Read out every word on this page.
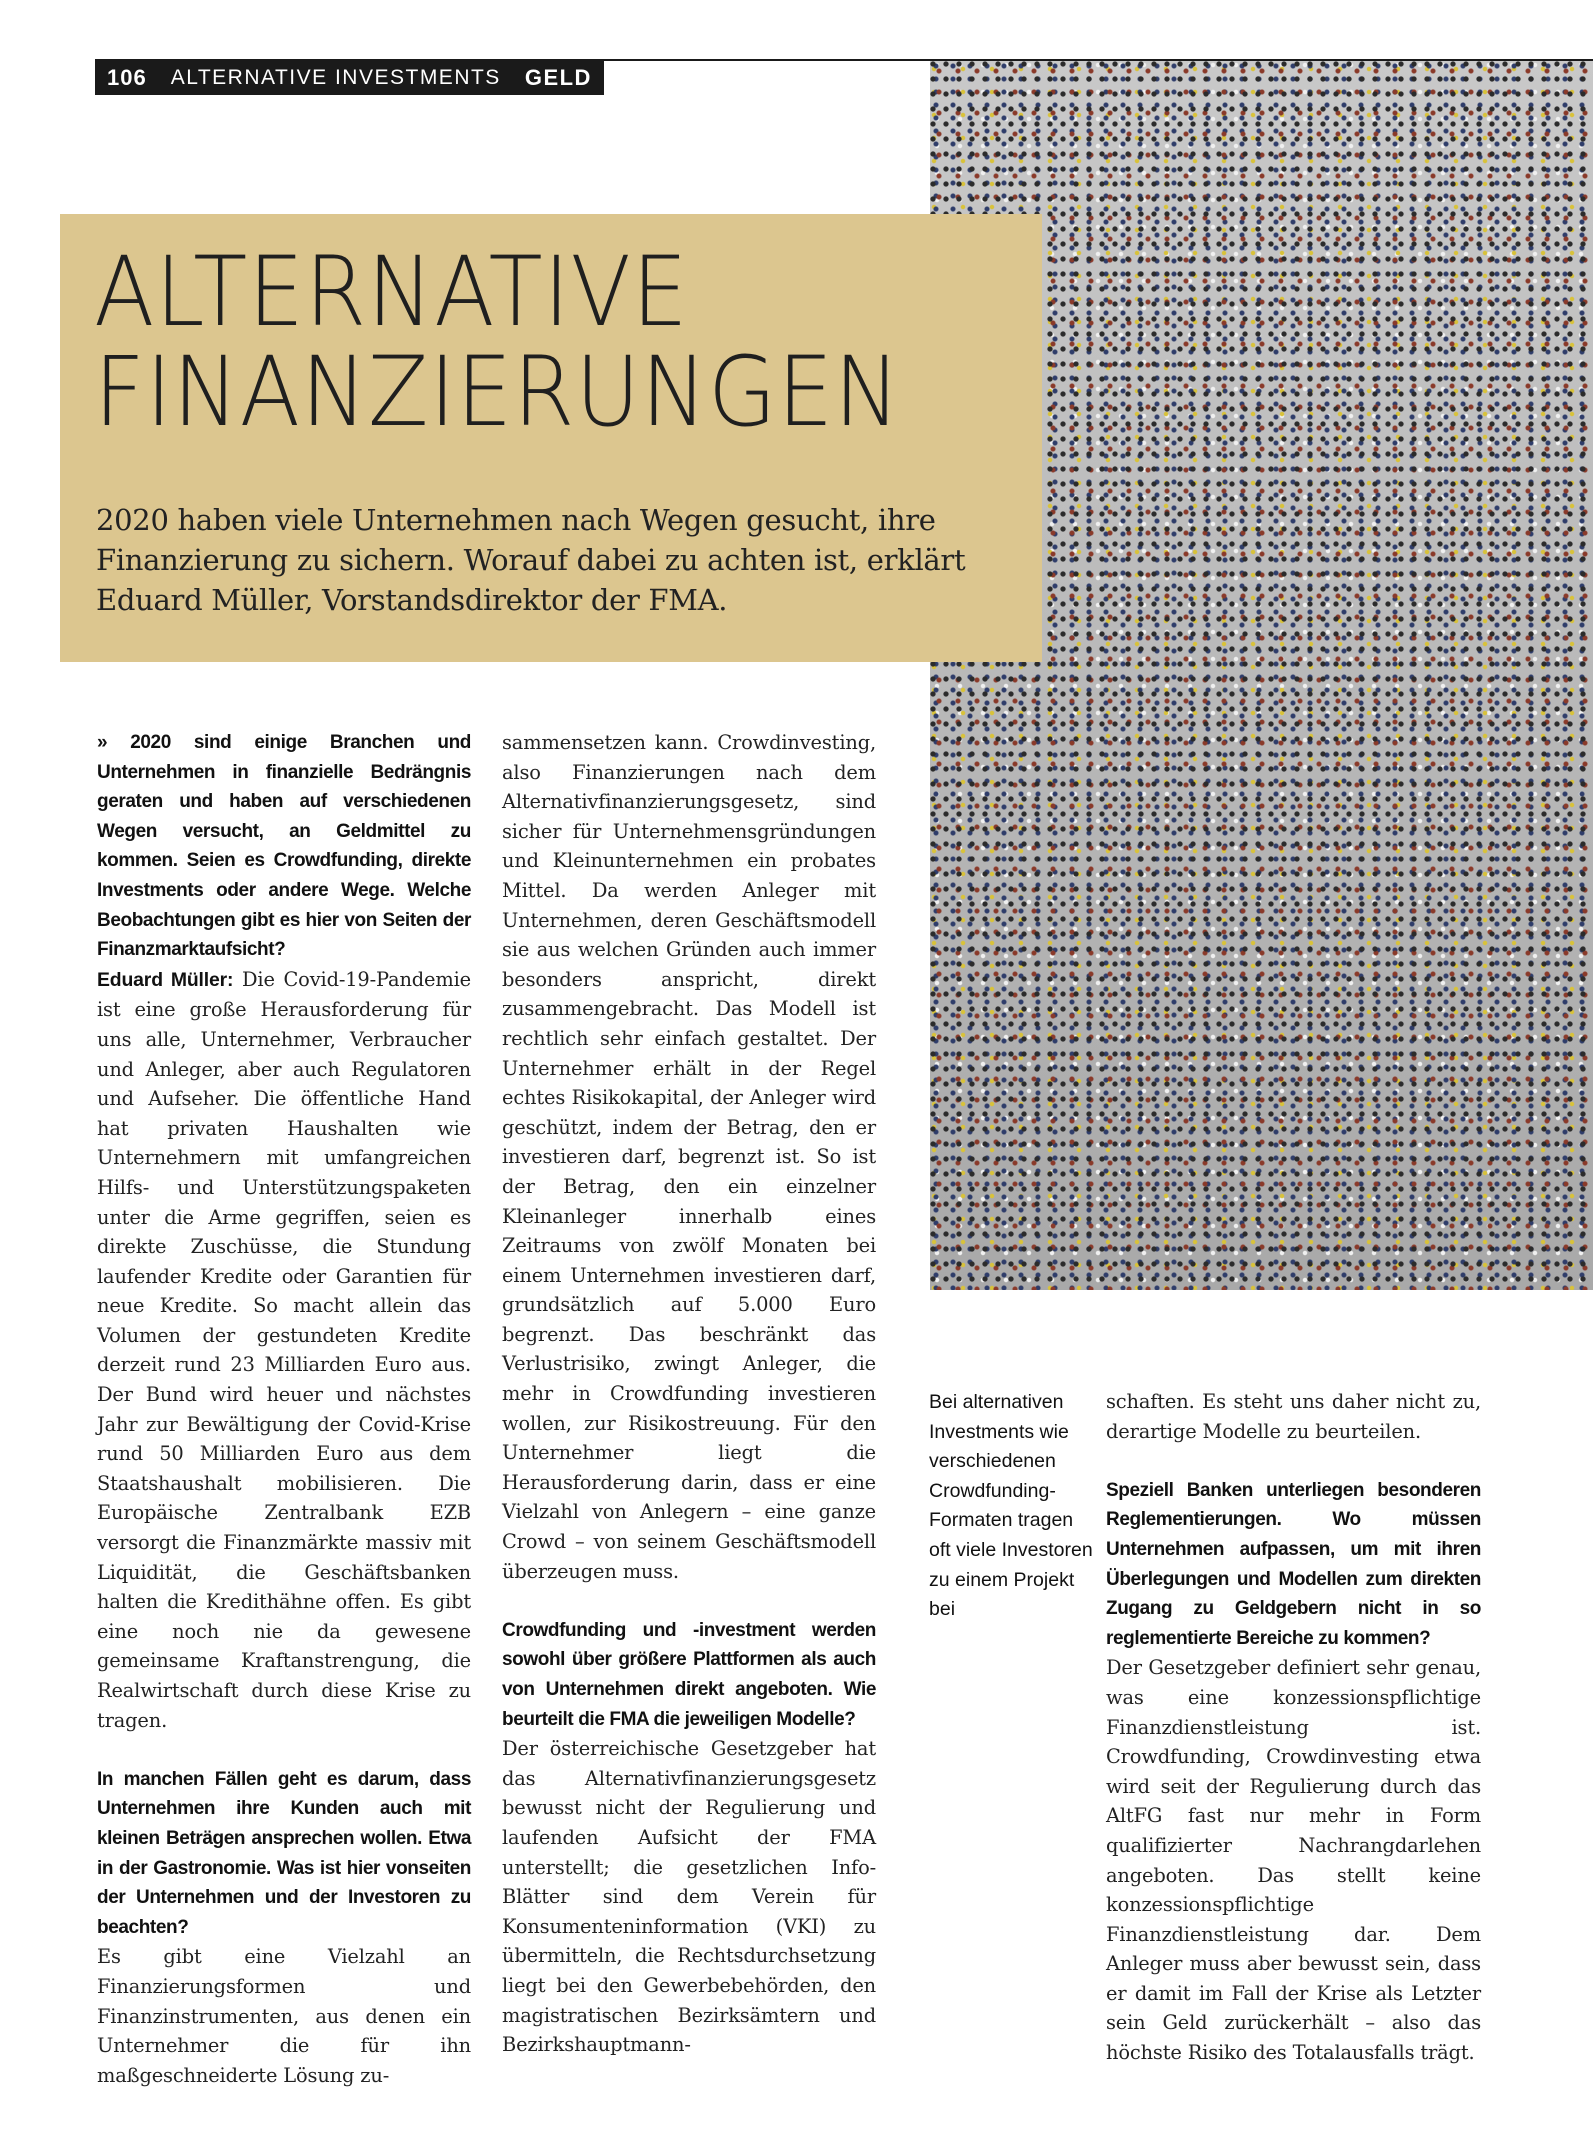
106 ALTERNATIVE INVESTMENTS GELD
ALTERNATIVE
FINANZIERUNGEN

2020 haben viele Unternehmen nach Wegen gesucht, ihre Finanzierung zu sichern. Worauf dabei zu achten ist, erklärt Eduard Müller, Vorstandsdirektor der FMA.

» 2020 sind einige Branchen und Unternehmen in finanzielle Bedrängnis geraten und haben auf verschiedenen Wegen versucht, an Geldmittel zu kommen. Seien es Crowdfunding, direkte Investments oder andere Wege. Welche Beobachtungen gibt es hier von Seiten der Finanzmarktaufsicht?

Eduard Müller: Die Covid-19-Pandemie ist eine große Herausforderung für uns alle, Unternehmer, Verbraucher und Anleger, aber auch Regulatoren und Aufseher. Die öffentliche Hand hat privaten Haushalten wie Unternehmern mit umfangreichen Hilfs- und Unterstützungspaketen unter die Arme gegriffen, seien es direkte Zuschüsse, die Stundung laufender Kredite oder Garantien für neue Kredite. So macht allein das Volumen der gestundeten Kredite derzeit rund 23 Milliarden Euro aus. Der Bund wird heuer und nächstes Jahr zur Bewältigung der Covid-Krise rund 50 Milliarden Euro aus dem Staatshaushalt mobilisieren. Die Europäische Zentralbank EZB versorgt die Finanzmärkte massiv mit Liquidität, die Geschäftsbanken halten die Kredithähne offen. Es gibt eine noch nie da gewesene gemeinsame Kraftanstrengung, die Realwirtschaft durch diese Krise zu tragen.

In manchen Fällen geht es darum, dass Unternehmen ihre Kunden auch mit kleinen Beträgen ansprechen wollen. Etwa in der Gastronomie. Was ist hier vonseiten der Unternehmen und der Investoren zu beachten?

Es gibt eine Vielzahl an Finanzierungsformen und Finanzinstrumenten, aus denen ein Unternehmer die für ihn maßgeschneiderte Lösung zu-

sammensetzen kann. Crowdinvesting, also Finanzierungen nach dem Alternativfinanzierungsgesetz, sind sicher für Unternehmensgründungen und Kleinunternehmen ein probates Mittel. Da werden Anleger mit Unternehmen, deren Geschäftsmodell sie aus welchen Gründen auch immer besonders anspricht, direkt zusammengebracht. Das Modell ist rechtlich sehr einfach gestaltet. Der Unternehmer erhält in der Regel echtes Risikokapital, der Anleger wird geschützt, indem der Betrag, den er investieren darf, begrenzt ist. So ist der Betrag, den ein einzelner Kleinanleger innerhalb eines Zeitraums von zwölf Monaten bei einem Unternehmen investieren darf, grundsätzlich auf 5.000 Euro begrenzt. Das beschränkt das Verlustrisiko, zwingt Anleger, die mehr in Crowdfunding investieren wollen, zur Risikostreuung. Für den Unternehmer liegt die Herausforderung darin, dass er eine Vielzahl von Anlegern – eine ganze Crowd – von seinem Geschäftsmodell überzeugen muss.

Crowdfunding und -investment werden sowohl über größere Plattformen als auch von Unternehmen direkt angeboten. Wie beurteilt die FMA die jeweiligen Modelle?

Der österreichische Gesetzgeber hat das Alternativfinanzierungsgesetz bewusst nicht der Regulierung und laufenden Aufsicht der FMA unterstellt; die gesetzlichen Info-Blätter sind dem Verein für Konsumenteninformation (VKI) zu übermitteln, die Rechtsdurchsetzung liegt bei den Gewerbebehörden, den magistratischen Bezirksämtern und Bezirkshauptmann-

Bei alternativen Investments wie verschiedenen Crowdfunding-Formaten tragen oft viele Investoren zu einem Projekt bei

schaften. Es steht uns daher nicht zu, derartige Modelle zu beurteilen.

Speziell Banken unterliegen besonderen Reglementierungen. Wo müssen Unternehmen aufpassen, um mit ihren Überlegungen und Modellen zum direkten Zugang zu Geldgebern nicht in so reglementierte Bereiche zu kommen?

Der Gesetzgeber definiert sehr genau, was eine konzessionspflichtige Finanzdienstleistung ist. Crowdfunding, Crowdinvesting etwa wird seit der Regulierung durch das AltFG fast nur mehr in Form qualifizierter Nachrangdarlehen angeboten. Das stellt keine konzessionspflichtige Finanzdienstleistung dar. Dem Anleger muss aber bewusst sein, dass er damit im Fall der Krise als Letzter sein Geld zurückerhält – also das höchste Risiko des Totalausfalls trägt.
